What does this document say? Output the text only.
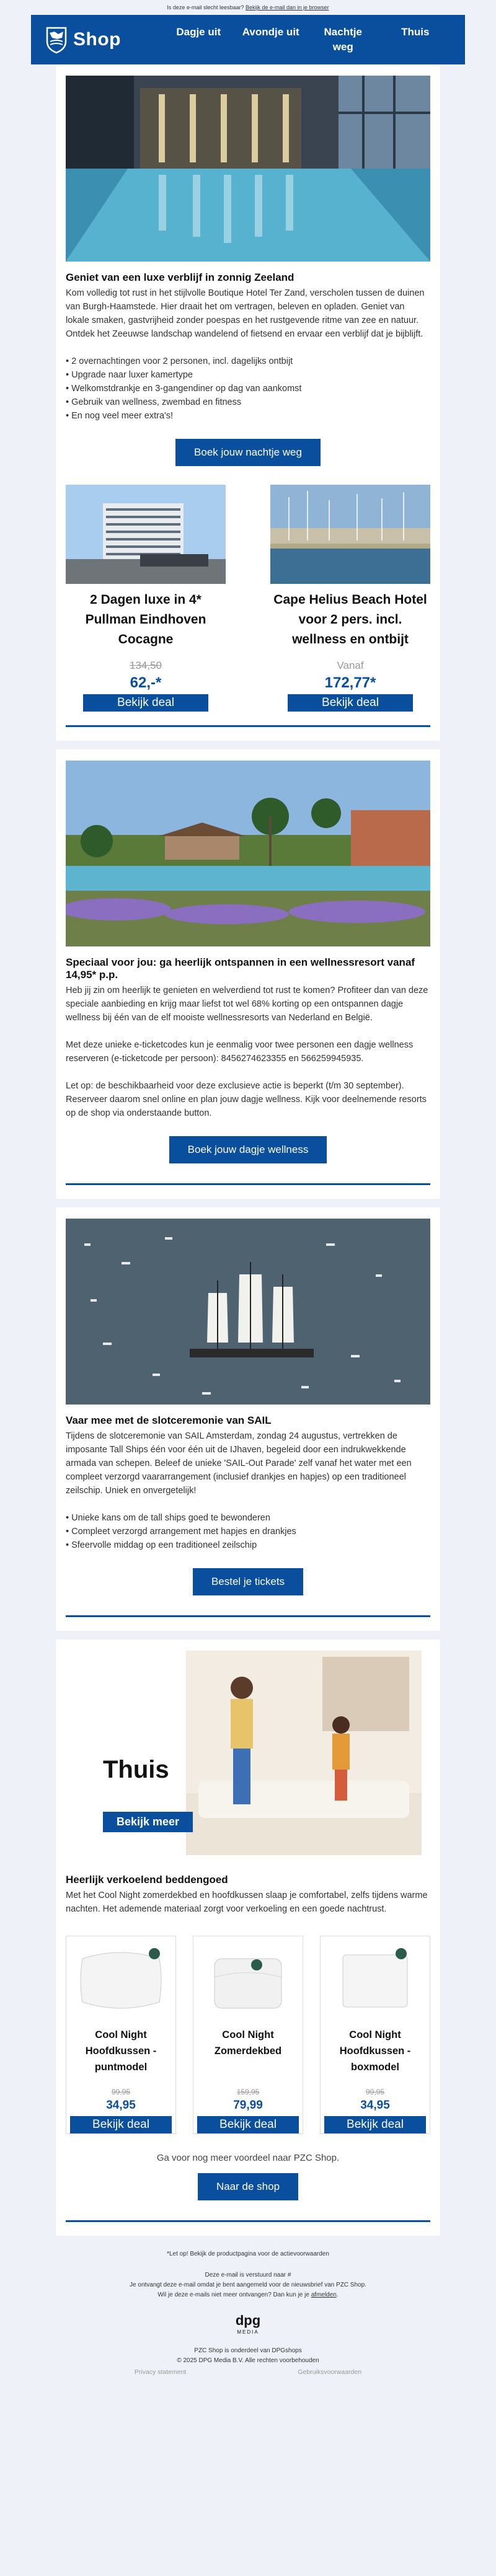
Is deze e-mail slecht leesbaar? Bekijk de e-mail dan in je browser
Shop	Dagje uit	Avondje uit	Nachtje weg
Thuis
Geniet van een luxe verblijf in zonnig Zeeland
Kom volledig tot rust in het stijlvolle Boutique Hotel Ter Zand, verscholen tussen de duinen van Burgh-Haamstede. Hier draait het om vertragen, beleven en opladen. Geniet van lokale smaken, gastvrijheid zonder poespas en het rustgevende ritme van zee en natuur. Ontdek het Zeeuwse landschap wandelend of fietsend en ervaar een verblijf dat je bijblijft.
• 2 overnachtingen voor 2 personen, incl. dagelijks ontbijt
• Upgrade naar luxer kamertype
• Welkomstdrankje en 3-gangendiner op dag van aankomst
• Gebruik van wellness, zwembad en fitness
• En nog veel meer extra's!
Boek jouw nachtje weg
2 Dagen luxe in 4* Pullman Eindhoven Cocagne
134,50
62,-*
Bekijk deal
Cape Helius Beach Hotel voor 2 pers. incl. wellness en ontbijt
Vanaf
172,77*
Bekijk deal
Speciaal voor jou: ga heerlijk ontspannen in een wellnessresort vanaf 14,95* p.p.
Heb jij zin om heerlijk te genieten en welverdiend tot rust te komen? Profiteer dan van deze speciale aanbieding en krijg maar liefst tot wel 68% korting op een ontspannen dagje wellness bij één van de elf mooiste wellnessresorts van Nederland en België.
Met deze unieke e-ticketcodes kun je eenmalig voor twee personen een dagje wellness reserveren (e-ticketcode per persoon): 8456274623355 en 566259945935.
Let op: de beschikbaarheid voor deze exclusieve actie is beperkt (t/m 30 september). Reserveer daarom snel online en plan jouw dagje wellness. Kijk voor deelnemende resorts op de shop via onderstaande button.
Boek jouw dagje wellness
Vaar mee met de slotceremonie van SAIL
Tijdens de slotceremonie van SAIL Amsterdam, zondag 24 augustus, vertrekken de imposante Tall Ships één voor één uit de IJhaven, begeleid door een indrukwekkende armada van schepen. Beleef de unieke 'SAIL-Out Parade' zelf vanaf het water met een compleet verzorgd vaararrangement (inclusief drankjes en hapjes) op een traditioneel zeilschip. Uniek en onvergetelijk!
• Unieke kans om de tall ships goed te bewonderen
• Compleet verzorgd arrangement met hapjes en drankjes
• Sfeervolle middag op een traditioneel zeilschip
Bestel je tickets
Thuis
Bekijk meer
Heerlijk verkoelend beddengoed
Met het Cool Night zomerdekbed en hoofdkussen slaap je comfortabel, zelfs tijdens warme nachten. Het ademende materiaal zorgt voor verkoeling en een goede nachtrust.
Cool Night Hoofdkussen - puntmodel
99,95
34,95
Bekijk deal
Cool Night Zomerdekbed
159,95
79,99
Bekijk deal
Cool Night Hoofdkussen - boxmodel
99,95
34,95
Bekijk deal
Ga voor nog meer voordeel naar PZC Shop.
Naar de shop
*Let op! Bekijk de productpagina voor de actievoorwaarden
Deze e-mail is verstuurd naar #
Je ontvangt deze e-mail omdat je bent aangemeld voor de nieuwsbrief van PZC Shop.
Wil je deze e-mails niet meer ontvangen? Dan kun je je afmelden.
dpg
MEDIA
PZC Shop is onderdeel van DPGshops
© 2025 DPG Media B.V. Alle rechten voorbehouden
Privacy statement	Gebruiksvoorwaarden
